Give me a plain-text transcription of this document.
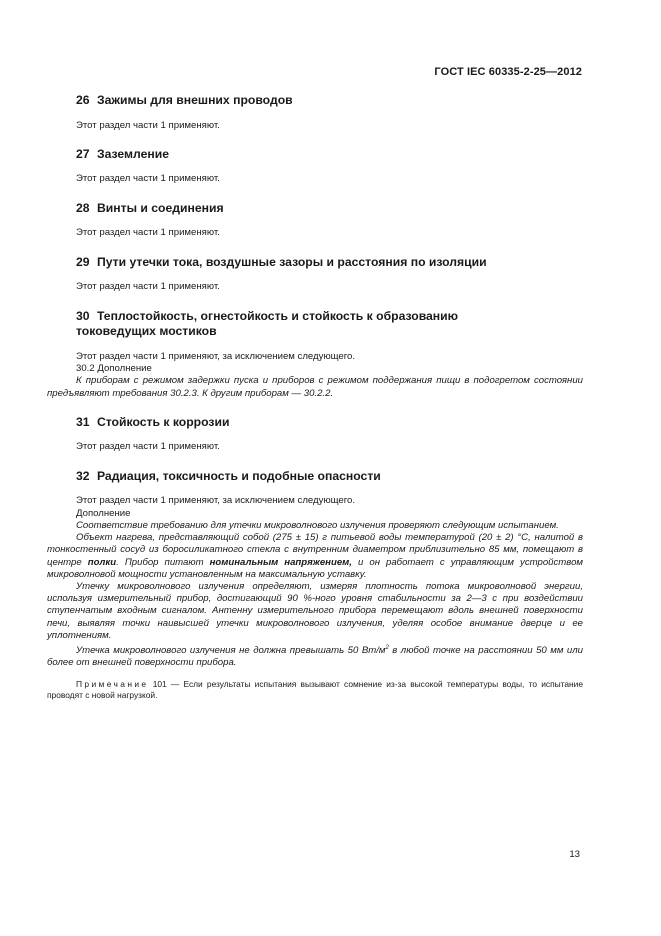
ГОСТ IEC 60335-2-25—2012
26 Зажимы для внешних проводов

Этот раздел части 1 применяют.

27 Заземление

Этот раздел части 1 применяют.

28 Винты и соединения

Этот раздел части 1 применяют.

29 Пути утечки тока, воздушные зазоры и расстояния по изоляции

Этот раздел части 1 применяют.

30 Теплостойкость, огнестойкость и стойкость к образованию
токоведущих мостиков

Этот раздел части 1 применяют, за исключением следующего.

30.2 Дополнение

К приборам с режимом задержки пуска и приборов с режимом поддержания пищи в подогретом состоянии предъявляют требования 30.2.3. К другим приборам — 30.2.2.

31 Стойкость к коррозии

Этот раздел части 1 применяют.

32 Радиация, токсичность и подобные опасности

Этот раздел части 1 применяют, за исключением следующего.

Дополнение

Соответствие требованию для утечки микроволнового излучения проверяют следующим испытанием.

Объект нагрева, представляющий собой (275 ± 15) г питьевой воды температурой (20 ± 2) °С, налитой в тонкостенный сосуд из боросиликатного стекла с внутренним диаметром приблизительно 85 мм, помещают в центре полки. Прибор питают номинальным напряжением, и он работает с управляющим устройством микроволновой мощности установленным на максимальную уставку.

Утечку микроволнового излучения определяют, измеряя плотность потока микроволновой энергии, используя измерительный прибор, достигающий 90 %-ного уровня стабильности за 2—3 с при воздействии ступенчатым входным сигналом. Антенну измерительного прибора перемещают вдоль внешней поверхности печи, выявляя точки наивысшей утечки микроволнового излучения, уделяя особое внимание дверце и ее уплотнениям.

Утечка микроволнового излучения не должна превышать 50 $Вт/м^2$ в любой точке на расстоянии 50 мм или более от внешней поверхности прибора.

Примечание 101 — Если результаты испытания вызывают сомнение из-за высокой температуры воды, то испытание проводят с новой нагрузкой.

13
